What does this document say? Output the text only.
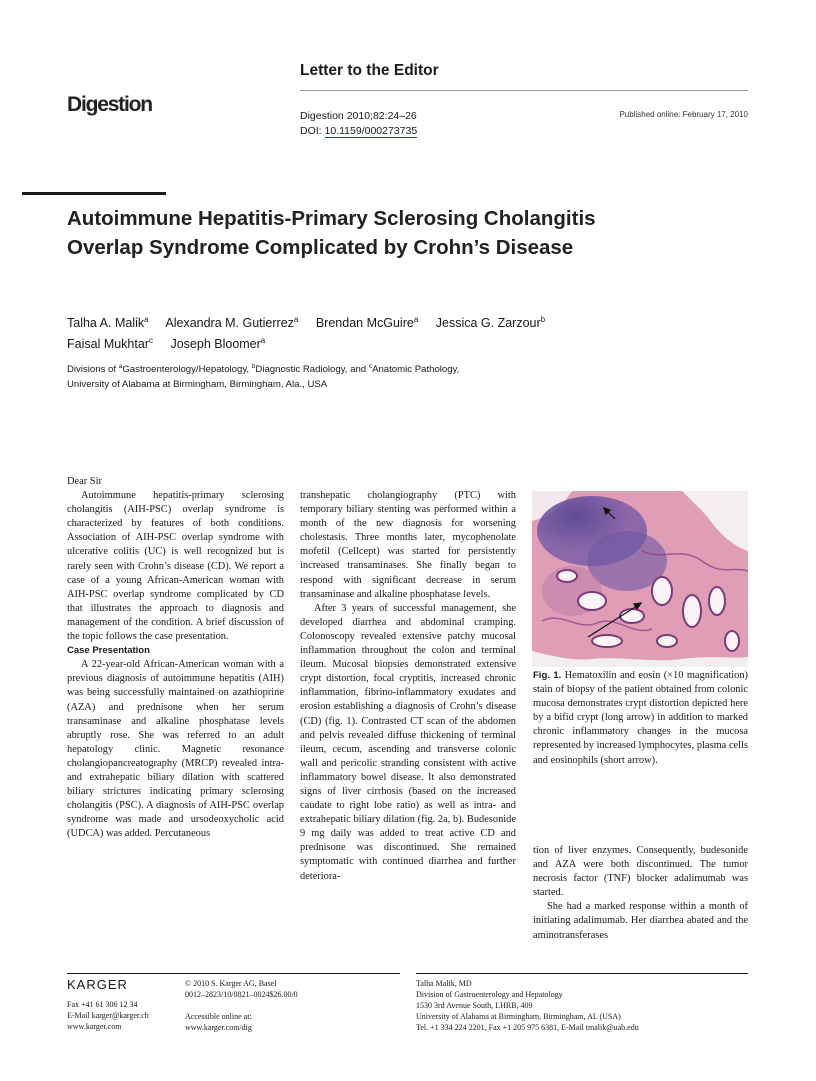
Digestion
Letter to the Editor
Digestion 2010;82:24–26
DOI: 10.1159/000273735
Published online: February 17, 2010
Autoimmune Hepatitis-Primary Sclerosing Cholangitis Overlap Syndrome Complicated by Crohn’s Disease
Talha A. Malik$^a$ Alexandra M. Gutierrez$^a$ Brendan McGuire$^a$ Jessica G. Zarzour$^b$
Faisal Mukhtar$^c$ Joseph Bloomer$^a$
Divisions of $^a$Gastroenterology/Hepatology, $^b$Diagnostic Radiology, and $^c$Anatomic Pathology,
University of Alabama at Birmingham, Birmingham, Ala., USA

Dear Sir

Autoimmune hepatitis-primary sclerosing cholangitis (AIH-PSC) overlap syndrome is characterized by features of both conditions. Association of AIH-PSC overlap syndrome with ulcerative colitis (UC) is well recognized but is rarely seen with Crohn’s disease (CD). We report a case of a young African-American woman with AIH-PSC overlap syndrome complicated by CD that illustrates the approach to diagnosis and management of the condition. A brief discussion of the topic follows the case presentation.

Case Presentation

A 22-year-old African-American woman with a previous diagnosis of autoimmune hepatitis (AIH) was being successfully maintained on azathioprine (AZA) and prednisone when her serum transaminase and alkaline phosphatase levels abruptly rose. She was referred to an adult hepatology clinic. Magnetic resonance cholangiopancreatography (MRCP) revealed intra- and extrahepatic biliary dilation with scattered biliary strictures indicating primary sclerosing cholangitis (PSC). A diagnosis of AIH-PSC overlap syndrome was made and ursodeoxycholic acid (UDCA) was added. Percutaneous

transhepatic cholangiography (PTC) with temporary biliary stenting was performed within a month of the new diagnosis for worsening cholestasis. Three months later, mycophenolate mofetil (Cellcept) was started for persistently increased transaminases. She finally began to respond with significant decrease in serum transaminase and alkaline phosphatase levels.

After 3 years of successful management, she developed diarrhea and abdominal cramping. Colonoscopy revealed extensive patchy mucosal inflammation throughout the colon and terminal ileum. Mucosal biopsies demonstrated extensive crypt distortion, focal cryptitis, increased chronic inflammation, fibrino-inflammatory exudates and erosion establishing a diagnosis of Crohn’s disease (CD) (fig. 1). Contrasted CT scan of the abdomen and pelvis revealed diffuse thickening of terminal ileum, cecum, ascending and transverse colonic wall and pericolic stranding consistent with active inflammatory bowel disease. It also demonstrated signs of liver cirrhosis (based on the increased caudate to right lobe ratio) as well as intra- and extrahepatic biliary dilation (fig. 2a, b). Budesonide 9 mg daily was added to treat active CD and prednisone was discontinued. She remained symptomatic with continued diarrhea and further deteriora-

Fig. 1. Hematoxilin and eosin (×10 magnification) stain of biopsy of the patient obtained from colonic mucosa demonstrates crypt distortion depicted here by a bifid crypt (long arrow) in addition to marked chronic inflammatory changes in the mucosa represented by increased lymphocytes, plasma cells and eosinophils (short arrow).

tion of liver enzymes. Consequently, budesonide and AZA were both discontinued. The tumor necrosis factor (TNF) blocker adalimumab was started.

She had a marked response within a month of initiating adalimumab. Her diarrhea abated and the aminotransferases

KARGER
Fax +41 61 306 12 34
E-Mail karger@karger.ch
www.karger.com
© 2010 S. Karger AG, Basel
0012–2823/10/0821–0024$26.00/0
Accessible online at:
www.karger.com/dig
Talha Malik, MD
Division of Gastroenterology and Hepatology
1530 3rd Avenue South, LHRB, 409
University of Alabama at Birmingham, Birmingham, AL (USA)
Tel. +1 334 224 2201, Fax +1 205 975 6381, E-Mail tmalik@uab.edu
